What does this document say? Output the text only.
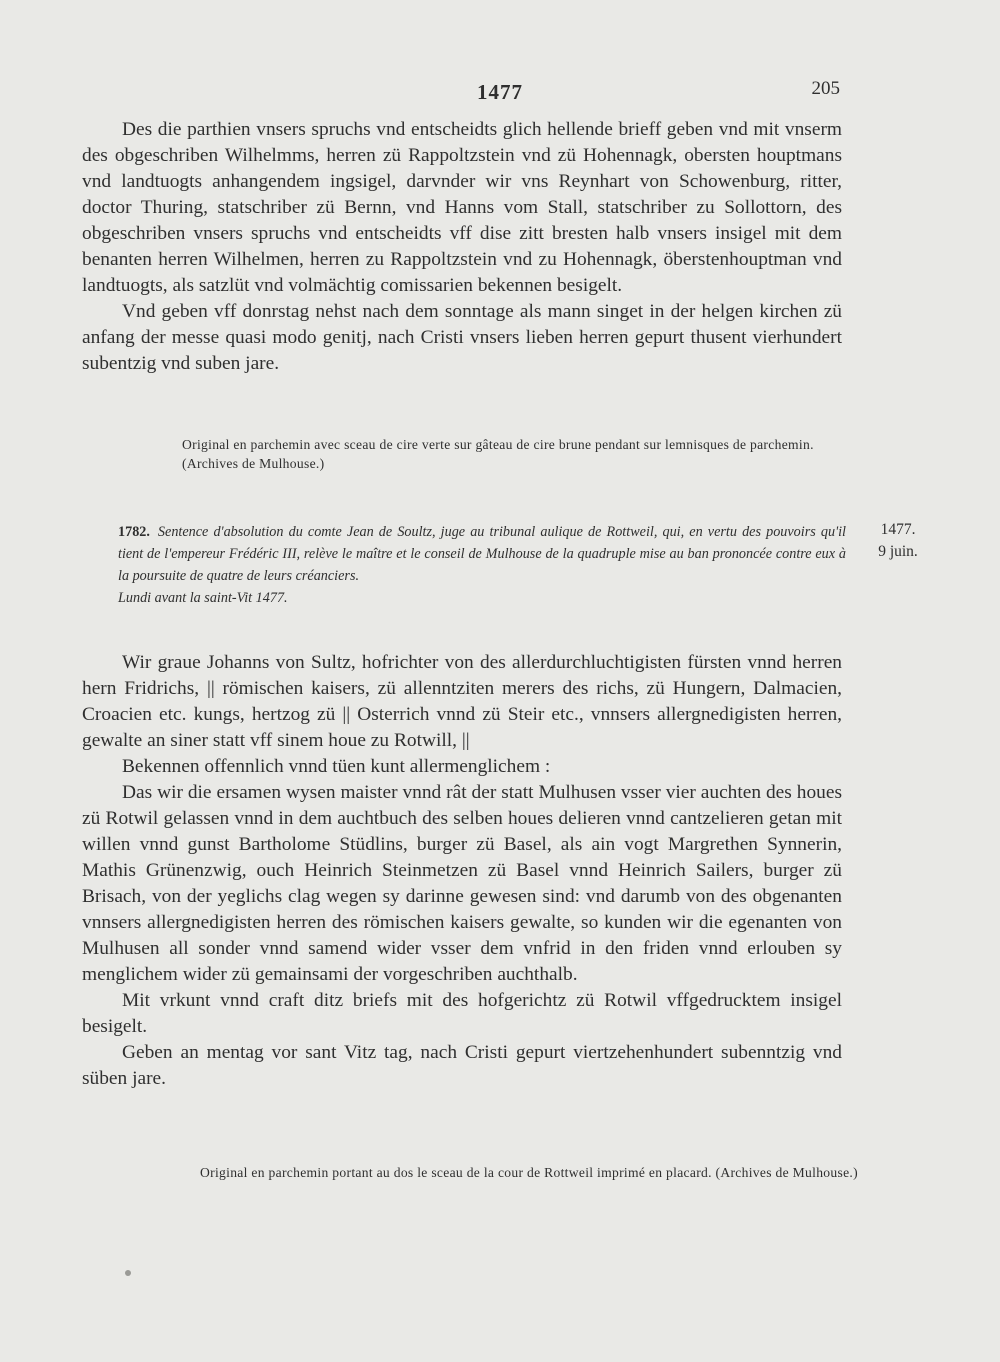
1477	205

Des die parthien vnsers spruchs vnd entscheidts glich hellende brieff geben vnd mit vnserm des obgeschriben Wilhelmms, herren zü Rappoltzstein vnd zü Hohennagk, obersten houptmans vnd landtuogts anhangendem ingsigel, darvnder wir vns Reynhart von Schowenburg, ritter, doctor Thuring, statschriber zü Bernn, vnd Hanns vom Stall, statschriber zu Sollottorn, des obgeschriben vnsers spruchs vnd entscheidts vff dise zitt bresten halb vnsers insigel mit dem benanten herren Wilhelmen, herren zu Rappoltzstein vnd zu Hohennagk, öberstenhouptman vnd landtuogts, als satzlüt vnd volmächtig comissarien bekennen besigelt.

Vnd geben vff donrstag nehst nach dem sonntage als mann singet in der helgen kirchen zü anfang der messe quasi modo genitj, nach Cristi vnsers lieben herren gepurt thusent vierhundert subentzig vnd suben jare.

Original en parchemin avec sceau de cire verte sur gâteau de cire brune pendant sur lemnisques de parchemin. (Archives de Mulhouse.)

1782. Sentence d'absolution du comte Jean de Soultz, juge au tribunal aulique de Rottweil, qui, en vertu des pouvoirs qu'il tient de l'empereur Frédéric III, relève le maître et le conseil de Mulhouse de la quadruple mise au ban prononcée contre eux à la poursuite de quatre de leurs créanciers.

Lundi avant la saint-Vit 1477.

1477.
9 juin.

Wir graue Johanns von Sultz, hofrichter von des allerdurchluchtigisten fürsten vnnd herren hern Fridrichs, || römischen kaisers, zü allenntziten merers des richs, zü Hungern, Dalmacien, Croacien etc. kungs, hertzog zü || Osterrich vnnd zü Steir etc., vnnsers allergnedigisten herren, gewalte an siner statt vff sinem houe zu Rotwill, ||

Bekennen offennlich vnnd tüen kunt allermenglichem :

Das wir die ersamen wysen maister vnnd rât der statt Mulhusen vsser vier auchten des houes zü Rotwil gelassen vnnd in dem auchtbuch des selben houes delieren vnnd cantzelieren getan mit willen vnnd gunst Bartholome Stüdlins, burger zü Basel, als ain vogt Margrethen Synnerin, Mathis Grünenzwig, ouch Heinrich Steinmetzen zü Basel vnnd Heinrich Sailers, burger zü Brisach, von der yeglichs clag wegen sy darinne gewesen sind: vnd darumb von des obgenanten vnnsers allergnedigisten herren des römischen kaisers gewalte, so kunden wir die egenanten von Mulhusen all sonder vnnd samend wider vsser dem vnfrid in den friden vnnd erlouben sy menglichem wider zü gemainsami der vorgeschriben auchthalb.

Mit vrkunt vnnd craft ditz briefs mit des hofgerichtz zü Rotwil vffgedrucktem insigel besigelt.

Geben an mentag vor sant Vitz tag, nach Cristi gepurt viertzehenhundert subenntzig vnd süben jare.

Original en parchemin portant au dos le sceau de la cour de Rottweil imprimé en placard. (Archives de Mulhouse.)
